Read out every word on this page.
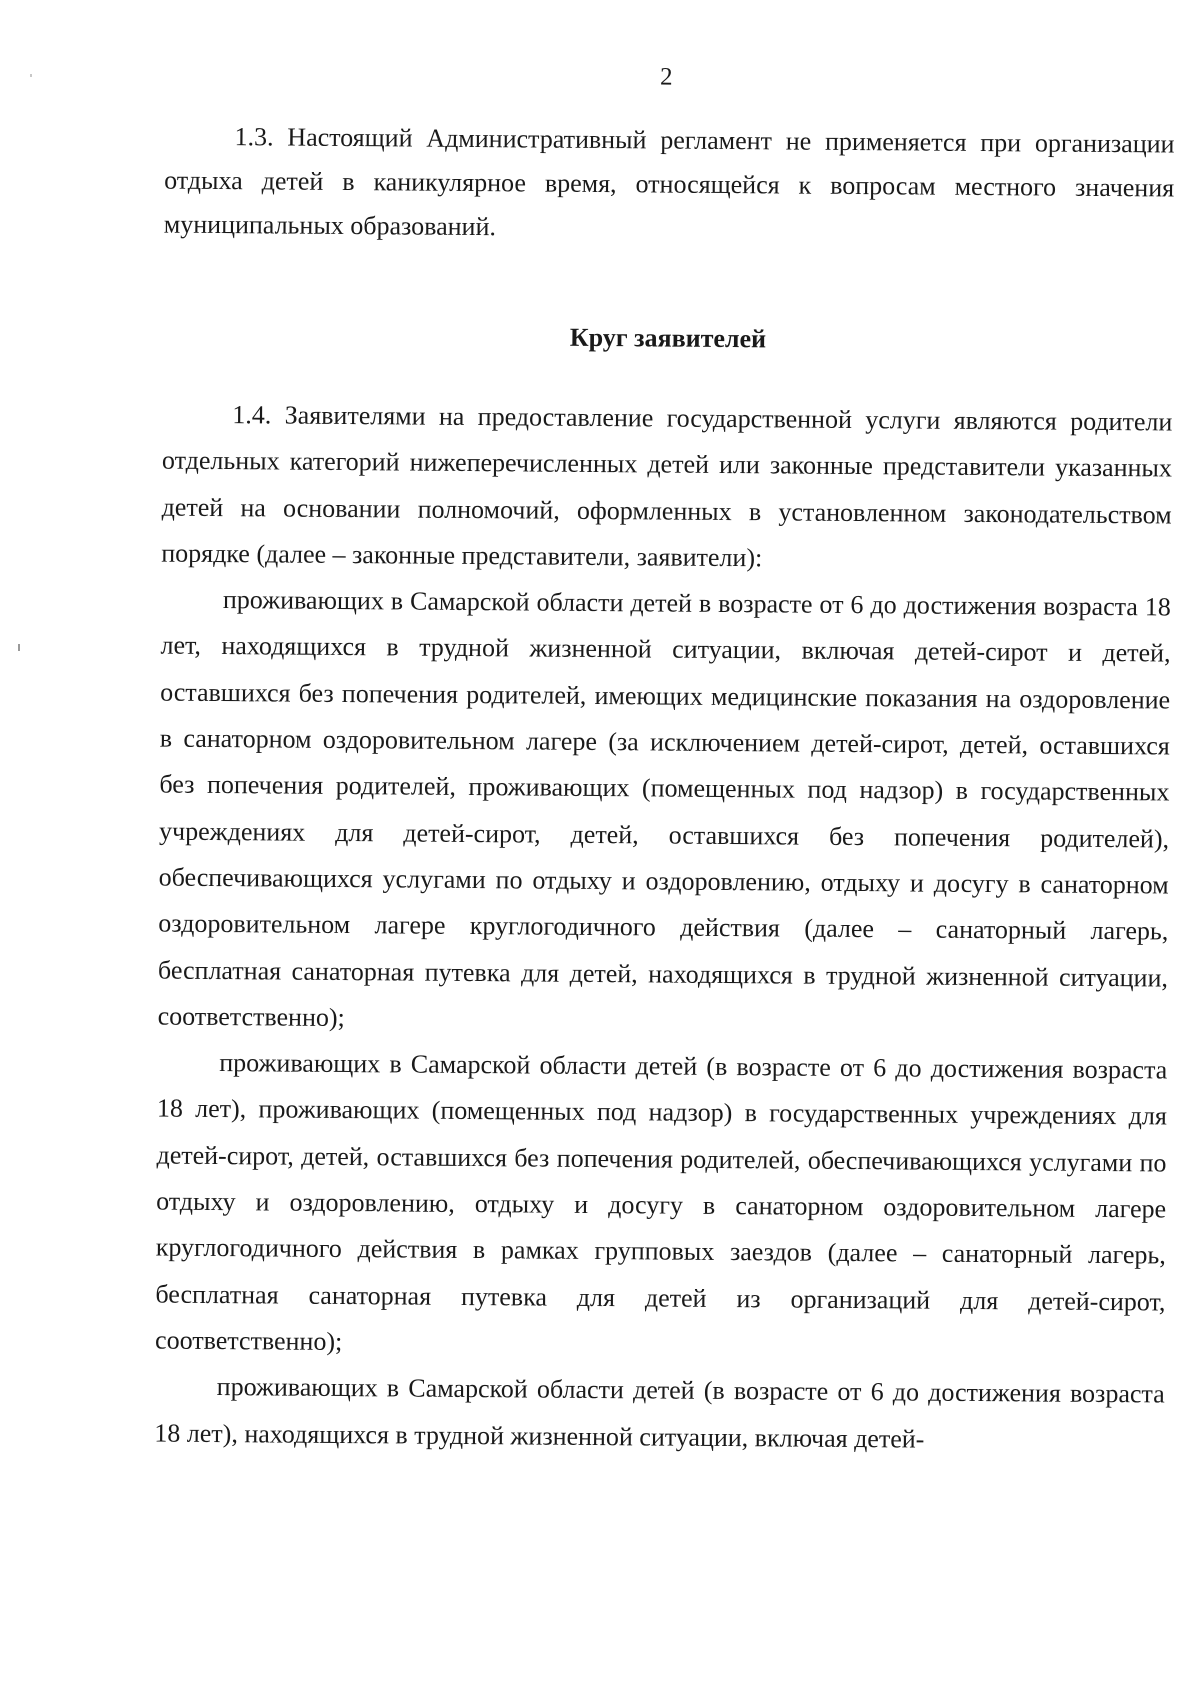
2

1.3. Настоящий Административный регламент не применяется при организации отдыха детей в каникулярное время, относящейся к вопросам местного значения муниципальных образований.

Круг заявителей

1.4. Заявителями на предоставление государственной услуги являются родители отдельных категорий нижеперечисленных детей или законные представители указанных детей на основании полномочий, оформленных в установленном законодательством порядке (далее – законные представители, заявители):

проживающих в Самарской области детей в возрасте от 6 до достижения возраста 18 лет, находящихся в трудной жизненной ситуации, включая детей-сирот и детей, оставшихся без попечения родителей, имеющих медицинские показания на оздоровление в санаторном оздоровительном лагере (за исключением детей-сирот, детей, оставшихся без попечения родителей, проживающих (помещенных под надзор) в государственных учреждениях для детей-сирот, детей, оставшихся без попечения родителей), обеспечивающихся услугами по отдыху и оздоровлению, отдыху и досугу в санаторном оздоровительном лагере круглогодичного действия (далее – санаторный лагерь, бесплатная санаторная путевка для детей, находящихся в трудной жизненной ситуации, соответственно);

проживающих в Самарской области детей (в возрасте от 6 до достижения возраста 18 лет), проживающих (помещенных под надзор) в государственных учреждениях для детей-сирот, детей, оставшихся без попечения родителей, обеспечивающихся услугами по отдыху и оздоровлению, отдыху и досугу в санаторном оздоровительном лагере круглогодичного действия в рамках групповых заездов (далее – санаторный лагерь, бесплатная санаторная путевка для детей из организаций для детей-сирот, соответственно);

проживающих в Самарской области детей (в возрасте от 6 до достижения возраста 18 лет), находящихся в трудной жизненной ситуации, включая детей-
